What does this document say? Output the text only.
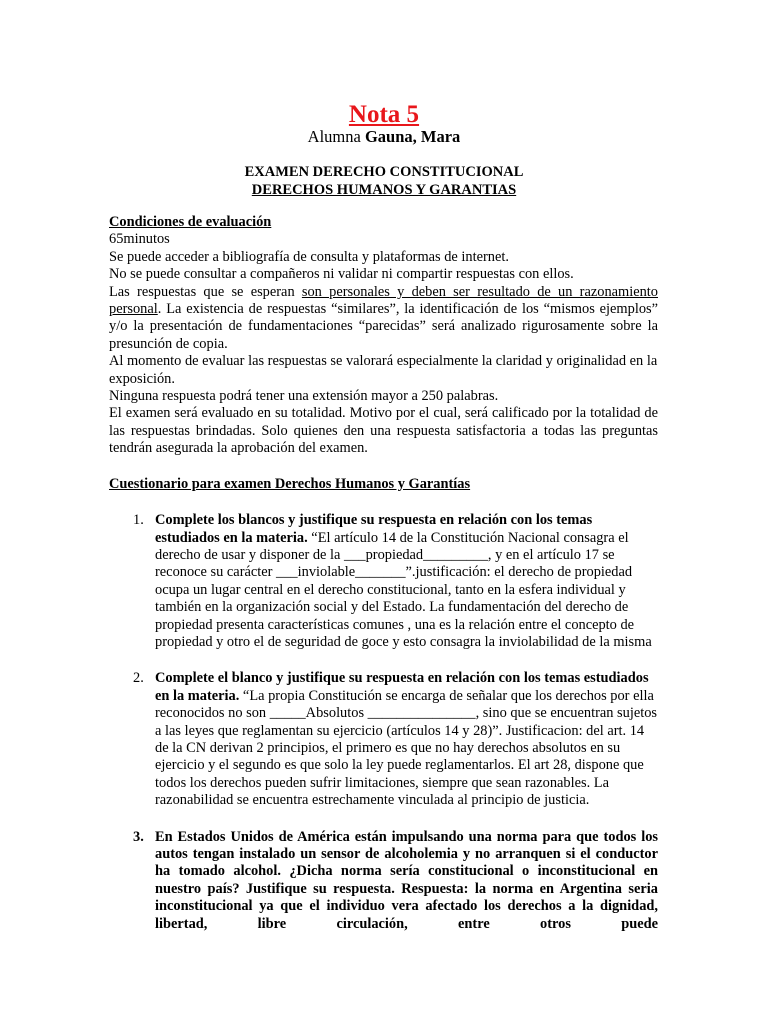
Nota 5
Alumna Gauna, Mara
EXAMEN DERECHO CONSTITUCIONAL
DERECHOS HUMANOS Y GARANTIAS

Condiciones de evaluación

65minutos

Se puede acceder a bibliografía de consulta y plataformas de internet.

No se puede consultar a compañeros ni validar ni compartir respuestas con ellos.

Las respuestas que se esperan son personales y deben ser resultado de un razonamiento personal. La existencia de respuestas “similares”, la identificación de los “mismos ejemplos” y/o la presentación de fundamentaciones “parecidas” será analizado rigurosamente sobre la presunción de copia.

Al momento de evaluar las respuestas se valorará especialmente la claridad y originalidad en la exposición.

Ninguna respuesta podrá tener una extensión mayor a 250 palabras.

El examen será evaluado en su totalidad. Motivo por el cual, será calificado por la totalidad de las respuestas brindadas. Solo quienes den una respuesta satisfactoria a todas las preguntas tendrán asegurada la aprobación del examen.

Cuestionario para examen Derechos Humanos y Garantías

1. Complete los blancos y justifique su respuesta en relación con los temas estudiados en la materia. “El artículo 14 de la Constitución Nacional consagra el derecho de usar y disponer de la ___propiedad_________, y en el artículo 17 se reconoce su carácter ___inviolable_______”.justificación: el derecho de propiedad ocupa un lugar central en el derecho constitucional, tanto en la esfera individual y también en la organización social y del Estado. La fundamentación del derecho de propiedad presenta características comunes , una es la relación entre el concepto de propiedad y otro el de seguridad de goce y esto consagra la inviolabilidad de la misma
2. Complete el blanco y justifique su respuesta en relación con los temas estudiados en la materia. “La propia Constitución se encarga de señalar que los derechos por ella reconocidos no son _____Absolutos _______________, sino que se encuentran sujetos a las leyes que reglamentan su ejercicio (artículos 14 y 28)”. Justificacion: del art. 14 de la CN derivan 2 principios, el primero es que no hay derechos absolutos en su ejercicio y el segundo es que solo la ley puede reglamentarlos. El art 28, dispone que todos los derechos pueden sufrir limitaciones, siempre que sean razonables. La razonabilidad se encuentra estrechamente vinculada al principio de justicia.
3. En Estados Unidos de América están impulsando una norma para que todos los autos tengan instalado un sensor de alcoholemia y no arranquen si el conductor ha tomado alcohol. ¿Dicha norma sería constitucional o inconstitucional en nuestro país? Justifique su respuesta. Respuesta: la norma en Argentina seria inconstitucional ya que el individuo vera afectado los derechos a la dignidad, libertad, libre circulación, entre otros puede
